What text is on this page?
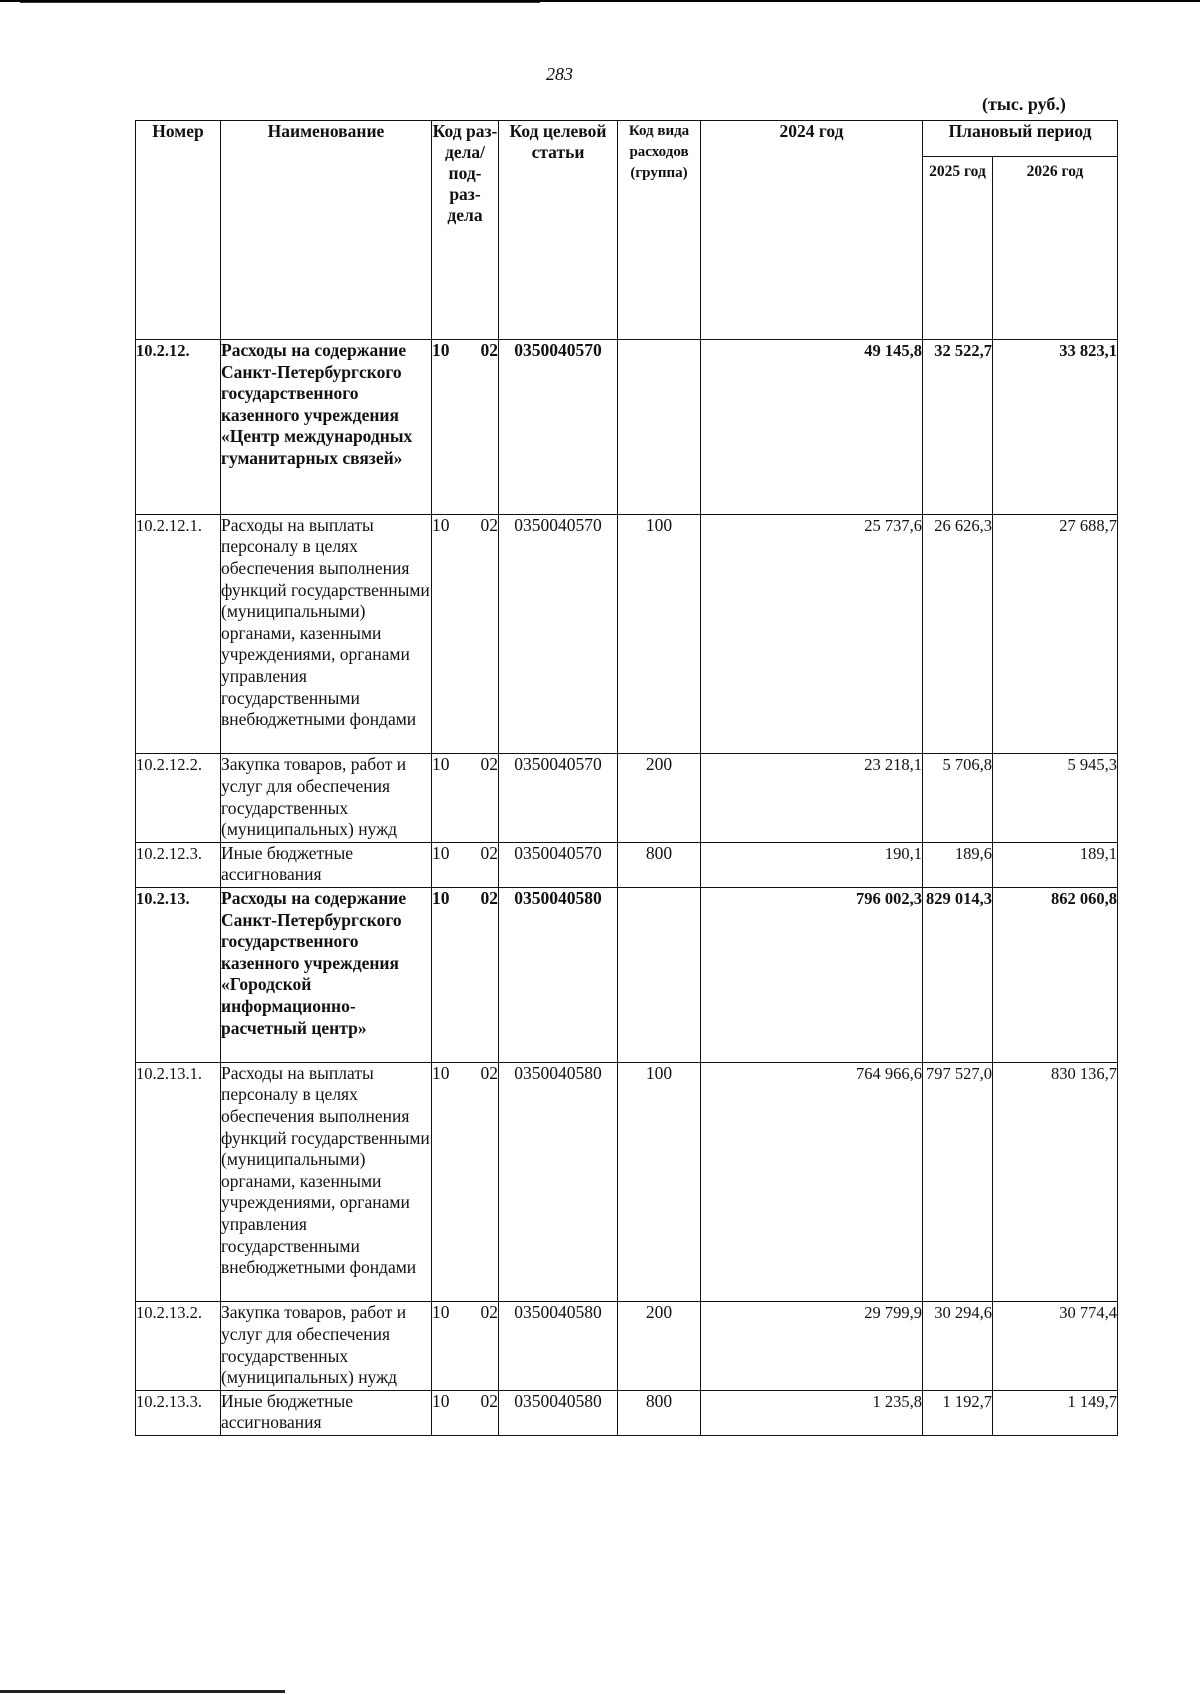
283
(тыс. руб.)
Номер	Наименование	Код раз- дела/ под- раз- дела	Код целевой статьи	Код вида расходов (группа)	2024 год	Плановый период	
						2025 год	2026 год
10.2.12.	Расходы на содержание Санкт-Петербургского государственного казенного учреждения «Центр международных гуманитарных связей»	10 02	0350040570		49 145,8	32 522,7	33 823,1
10.2.12.1.	Расходы на выплаты персоналу в целях обеспечения выполнения функций государственными (муниципальными) органами, казенными учреждениями, органами управления государственными внебюджетными фондами	10 02	0350040570	100	25 737,6	26 626,3	27 688,7
10.2.12.2.	Закупка товаров, работ и услуг для обеспечения государственных (муниципальных) нужд	10 02	0350040570	200	23 218,1	5 706,8	5 945,3
10.2.12.3.	Иные бюджетные ассигнования	10 02	0350040570	800	190,1	189,6	189,1
10.2.13.	Расходы на содержание Санкт-Петербургского государственного казенного учреждения «Городской информационно-расчетный центр»	10 02	0350040580		796 002,3	829 014,3	862 060,8
10.2.13.1.	Расходы на выплаты персоналу в целях обеспечения выполнения функций государственными (муниципальными) органами, казенными учреждениями, органами управления государственными внебюджетными фондами	10 02	0350040580	100	764 966,6	797 527,0	830 136,7
10.2.13.2.	Закупка товаров, работ и услуг для обеспечения государственных (муниципальных) нужд	10 02	0350040580	200	29 799,9	30 294,6	30 774,4
10.2.13.3.	Иные бюджетные ассигнования	10 02	0350040580	800	1 235,8	1 192,7	1 149,7
